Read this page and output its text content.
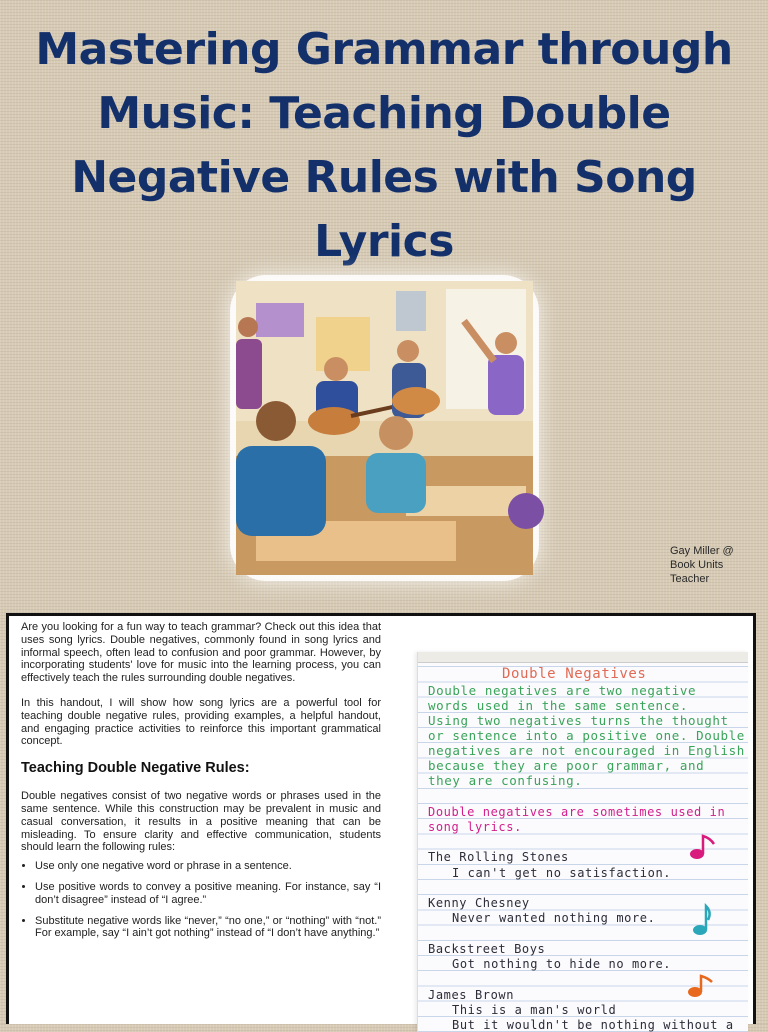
Mastering Grammar through Music: Teaching Double Negative Rules with Song Lyrics
Gay Miller @
Book Units
Teacher

Are you looking for a fun way to teach grammar? Check out this idea that uses song lyrics. Double negatives, commonly found in song lyrics and informal speech, often lead to confusion and poor grammar. However, by incorporating students' love for music into the learning process, you can effectively teach the rules surrounding double negatives.

In this handout, I will show how song lyrics are a powerful tool for teaching double negative rules, providing examples, a helpful handout, and engaging practice activities to reinforce this important grammatical concept.

Teaching Double Negative Rules:

Double negatives consist of two negative words or phrases used in the same sentence. While this construction may be prevalent in music and casual conversation, it results in a positive meaning that can be misleading. To ensure clarity and effective communication, students should learn the following rules:

• Use only one negative word or phrase in a sentence.
• Use positive words to convey a positive meaning. For instance, say “I don’t disagree” instead of “I agree.”
• Substitute negative words like “never,” “no one,” or “nothing” with “not.” For example, say “I ain’t got nothing” instead of “I don’t have anything.”
Double Negatives
Double negatives are two negative
words used in the same sentence.
Using two negatives turns the thought
or sentence into a positive one. Double
negatives are not encouraged in English
because they are poor grammar, and
they are confusing.
Double negatives are sometimes used in
song lyrics.
The Rolling Stones
I can't get no satisfaction.
Kenny Chesney
Never wanted nothing more.
Backstreet Boys
Got nothing to hide no more.
James Brown
This is a man's world
But it wouldn't be nothing without a
